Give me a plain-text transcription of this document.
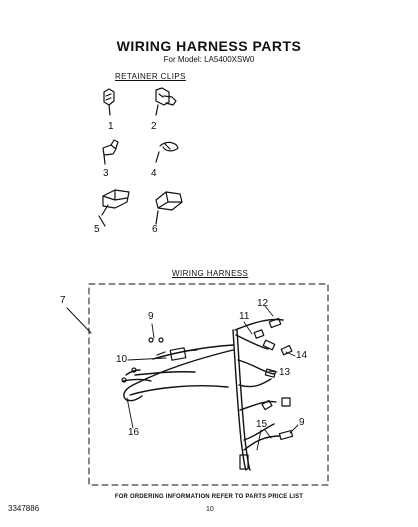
WIRING HARNESS PARTS
For Model: LA5400XSW0
RETAINER CLIPS
WIRING HARNESS
1	2
3	4
5	6
7
9
10
11
12
13
14
16
15	9
FOR ORDERING INFORMATION REFER TO PARTS PRICE LIST
3347886	10
